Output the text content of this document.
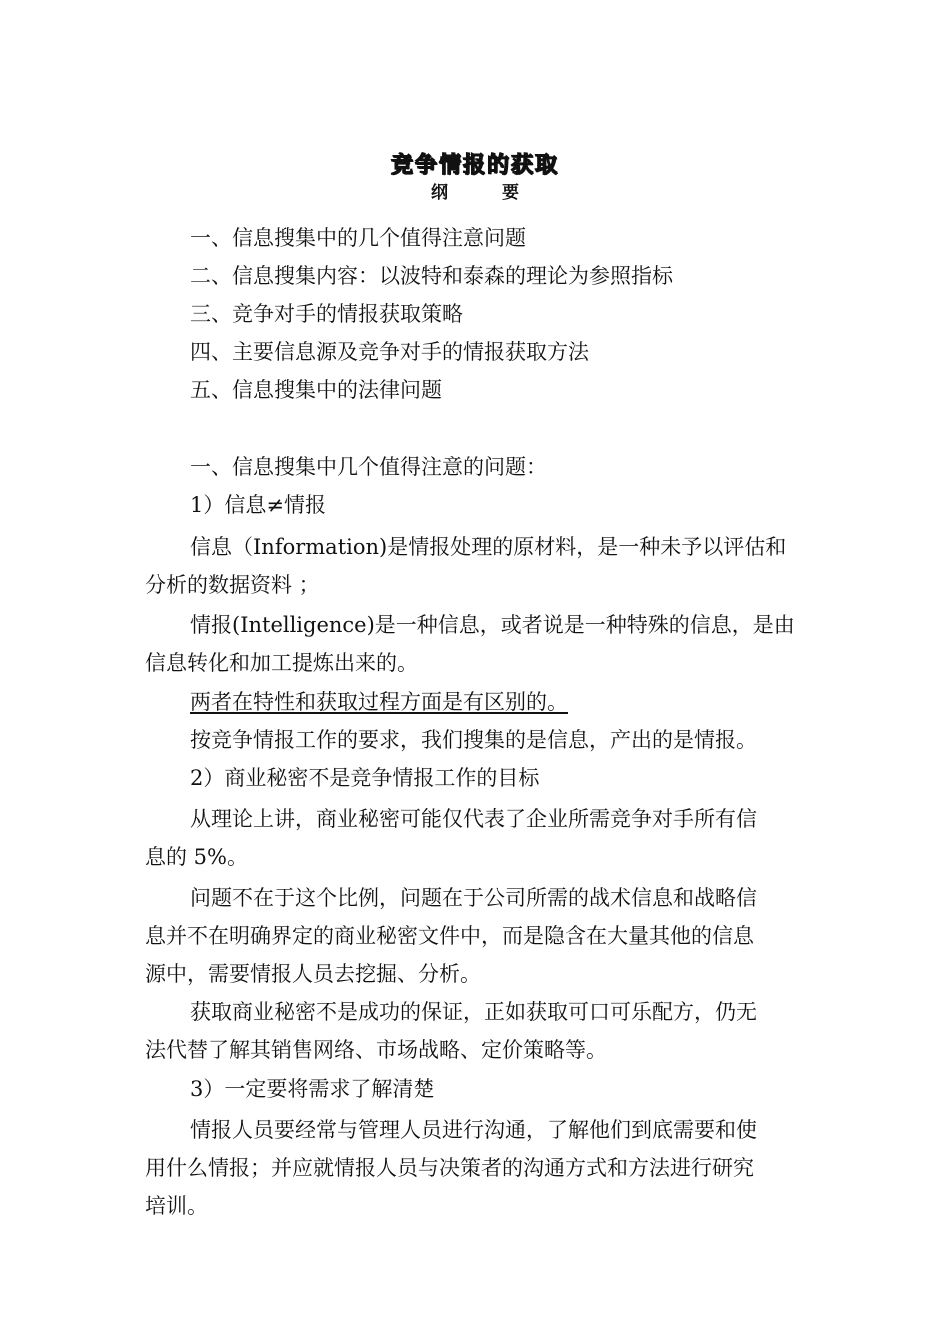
竞争情报的获取
纲 要
一、信息搜集中的几个值得注意问题
二、信息搜集内容：以波特和泰森的理论为参照指标
三、竞争对手的情报获取策略
四、主要信息源及竞争对手的情报获取方法
五、信息搜集中的法律问题
一、信息搜集中几个值得注意的问题：
1）信息≠情报
信息（Information)是情报处理的原材料，是一种未予以评估和
分析的数据资料 ；
情报(Intelligence)是一种信息，或者说是一种特殊的信息，是由
信息转化和加工提炼出来的。
两者在特性和获取过程方面是有区别的。
按竞争情报工作的要求，我们搜集的是信息，产出的是情报。
2）商业秘密不是竞争情报工作的目标
从理论上讲，商业秘密可能仅代表了企业所需竞争对手所有信
息的 5%。
问题不在于这个比例，问题在于公司所需的战术信息和战略信
息并不在明确界定的商业秘密文件中，而是隐含在大量其他的信息
源中，需要情报人员去挖掘、分析。
获取商业秘密不是成功的保证，正如获取可口可乐配方，仍无
法代替了解其销售网络、市场战略、定价策略等。
3）一定要将需求了解清楚
情报人员要经常与管理人员进行沟通，了解他们到底需要和使
用什么情报；并应就情报人员与决策者的沟通方式和方法进行研究
培训。
